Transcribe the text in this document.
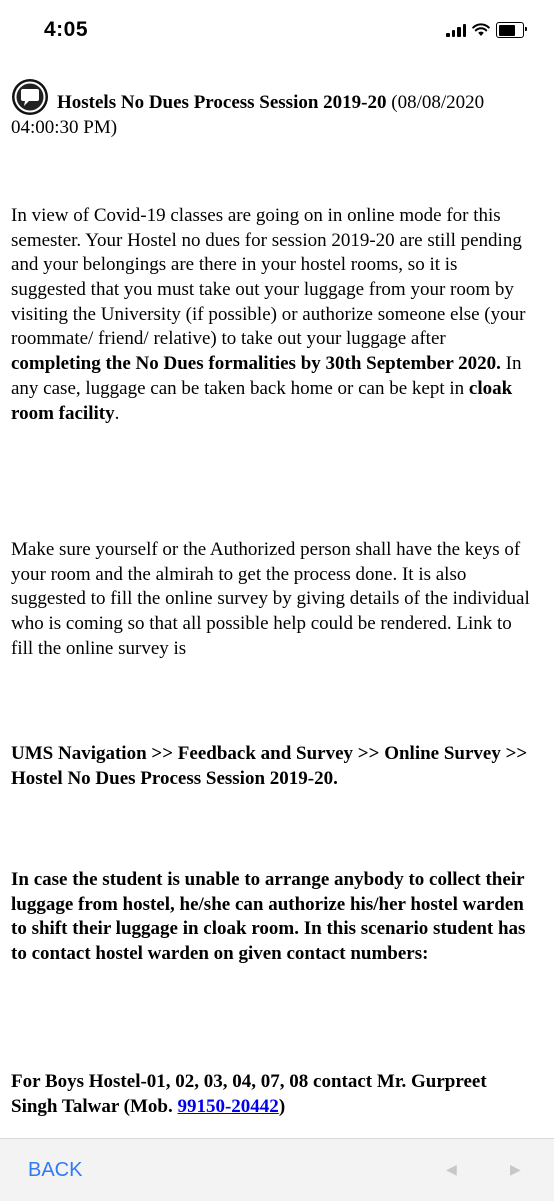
4:05

Hostels No Dues Process Session 2019-20 (08/08/2020 04:00:30 PM)

In view of Covid-19 classes are going on in online mode for this semester. Your Hostel no dues for session 2019-20 are still pending and your belongings are there in your hostel rooms, so it is suggested that you must take out your luggage from your room by visiting the University (if possible) or authorize someone else (your roommate/ friend/ relative) to take out your luggage after completing the No Dues formalities by 30th September 2020. In any case, luggage can be taken back home or can be kept in cloak room facility.

Make sure yourself or the Authorized person shall have the keys of your room and the almirah to get the process done. It is also suggested to fill the online survey by giving details of the individual who is coming so that all possible help could be rendered. Link to fill the online survey is

UMS Navigation >> Feedback and Survey >> Online Survey >> Hostel No Dues Process Session 2019-20.

In case the student is unable to arrange anybody to collect their luggage from hostel, he/she can authorize his/her hostel warden to shift their luggage in cloak room. In this scenario student has to contact hostel warden on given contact numbers:

For Boys Hostel-01, 02, 03, 04, 07, 08 contact Mr. Gurpreet Singh Talwar (Mob. 99150-20442)

BACK	◀	▶
